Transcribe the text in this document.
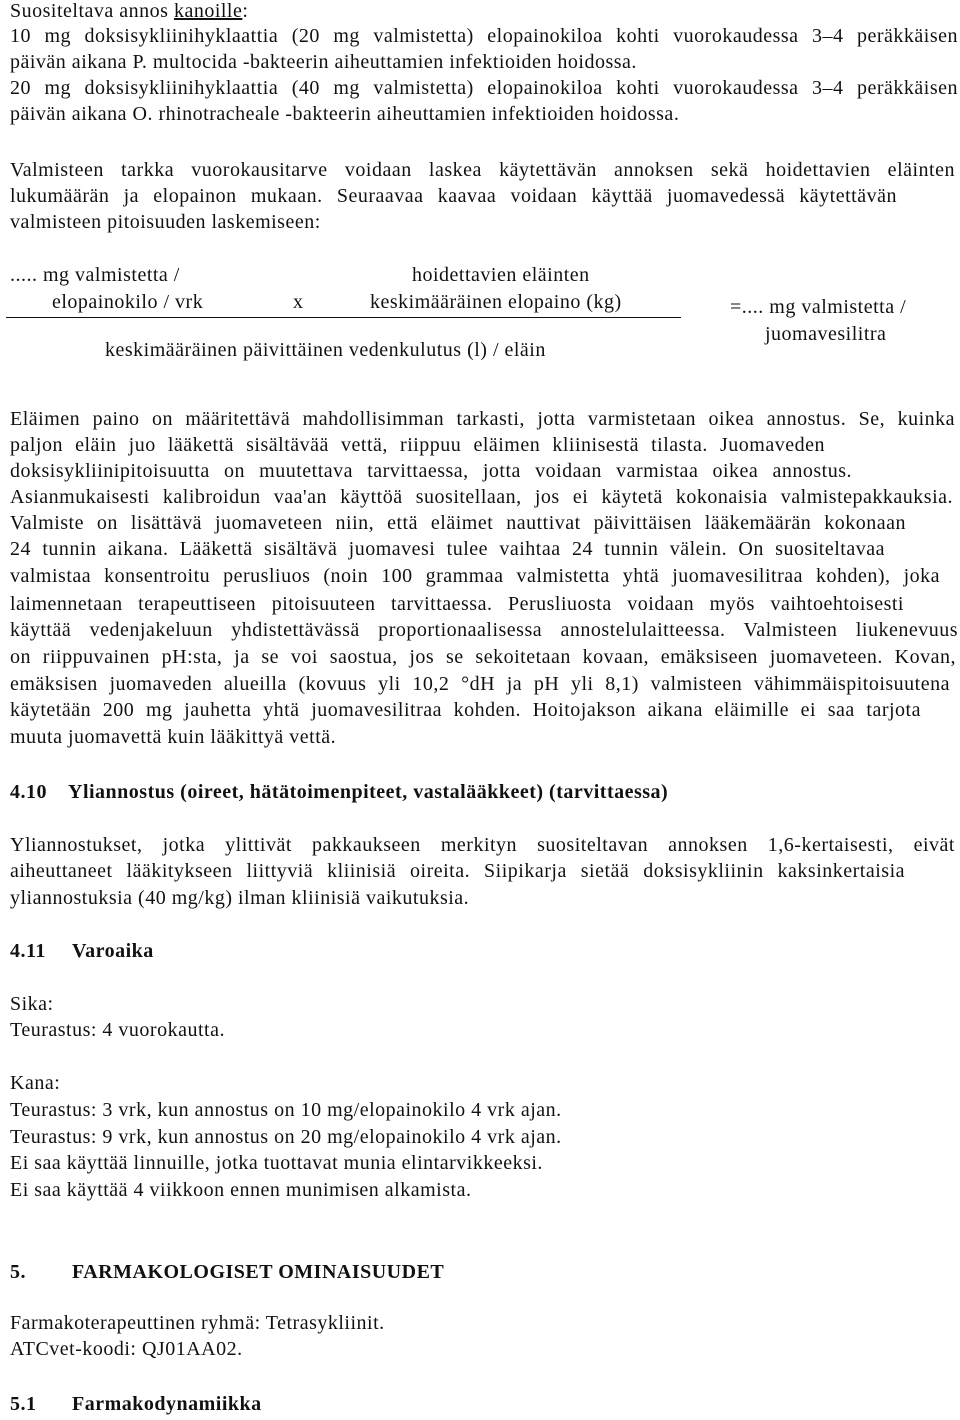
Suositeltava annos kanoille:
10 mg doksisykliinihyklaattia (20 mg valmistetta) elopainokiloa kohti vuorokaudessa 3–4 peräkkäisen
päivän aikana P. multocida -bakteerin aiheuttamien infektioiden hoidossa.
20 mg doksisykliinihyklaattia (40 mg valmistetta) elopainokiloa kohti vuorokaudessa 3–4 peräkkäisen
päivän aikana O. rhinotracheale -bakteerin aiheuttamien infektioiden hoidossa.
Valmisteen tarkka vuorokausitarve voidaan laskea käytettävän annoksen sekä hoidettavien eläinten
lukumäärän ja elopainon mukaan. Seuraavaa kaavaa voidaan käyttää juomavedessä käytettävän
valmisteen pitoisuuden laskemiseen:
..... mg valmistetta /	hoidettavien eläinten
elopainokilo / vrk	x	keskimääräinen elopaino (kg)	=.... mg valmistetta /
juomavesilitra
keskimääräinen päivittäinen vedenkulutus (l) / eläin
Eläimen paino on määritettävä mahdollisimman tarkasti, jotta varmistetaan oikea annostus. Se, kuinka
paljon eläin juo lääkettä sisältävää vettä, riippuu eläimen kliinisestä tilasta. Juomaveden
doksisykliinipitoisuutta on muutettava tarvittaessa, jotta voidaan varmistaa oikea annostus.
Asianmukaisesti kalibroidun vaa'an käyttöä suositellaan, jos ei käytetä kokonaisia valmistepakkauksia.
Valmiste on lisättävä juomaveteen niin, että eläimet nauttivat päivittäisen lääkemäärän kokonaan
24 tunnin aikana. Lääkettä sisältävä juomavesi tulee vaihtaa 24 tunnin välein. On suositeltavaa
valmistaa konsentroitu perusliuos (noin 100 grammaa valmistetta yhtä juomavesilitraa kohden), joka
laimennetaan terapeuttiseen pitoisuuteen tarvittaessa. Perusliuosta voidaan myös vaihtoehtoisesti
käyttää vedenjakeluun yhdistettävässä proportionaalisessa annostelulaitteessa. Valmisteen liukenevuus
on riippuvainen pH:sta, ja se voi saostua, jos se sekoitetaan kovaan, emäksiseen juomaveteen. Kovan,
emäksisen juomaveden alueilla (kovuus yli 10,2 °dH ja pH yli 8,1) valmisteen vähimmäispitoisuutena
käytetään 200 mg jauhetta yhtä juomavesilitraa kohden. Hoitojakson aikana eläimille ei saa tarjota
muuta juomavettä kuin lääkittyä vettä.
4.10 Yliannostus (oireet, hätätoimenpiteet, vastalääkkeet) (tarvittaessa)
Yliannostukset, jotka ylittivät pakkaukseen merkityn suositeltavan annoksen 1,6-kertaisesti, eivät
aiheuttaneet lääkitykseen liittyviä kliinisiä oireita. Siipikarja sietää doksisykliinin kaksinkertaisia
yliannostuksia (40 mg/kg) ilman kliinisiä vaikutuksia.
4.11 Varoaika
Sika:
Teurastus: 4 vuorokautta.
Kana:
Teurastus: 3 vrk, kun annostus on 10 mg/elopainokilo 4 vrk ajan.
Teurastus: 9 vrk, kun annostus on 20 mg/elopainokilo 4 vrk ajan.
Ei saa käyttää linnuille, jotka tuottavat munia elintarvikkeeksi.
Ei saa käyttää 4 viikkoon ennen munimisen alkamista.
5. FARMAKOLOGISET OMINAISUUDET
Farmakoterapeuttinen ryhmä: Tetrasykliinit.
ATCvet-koodi: QJ01AA02.
5.1 Farmakodynamiikka
